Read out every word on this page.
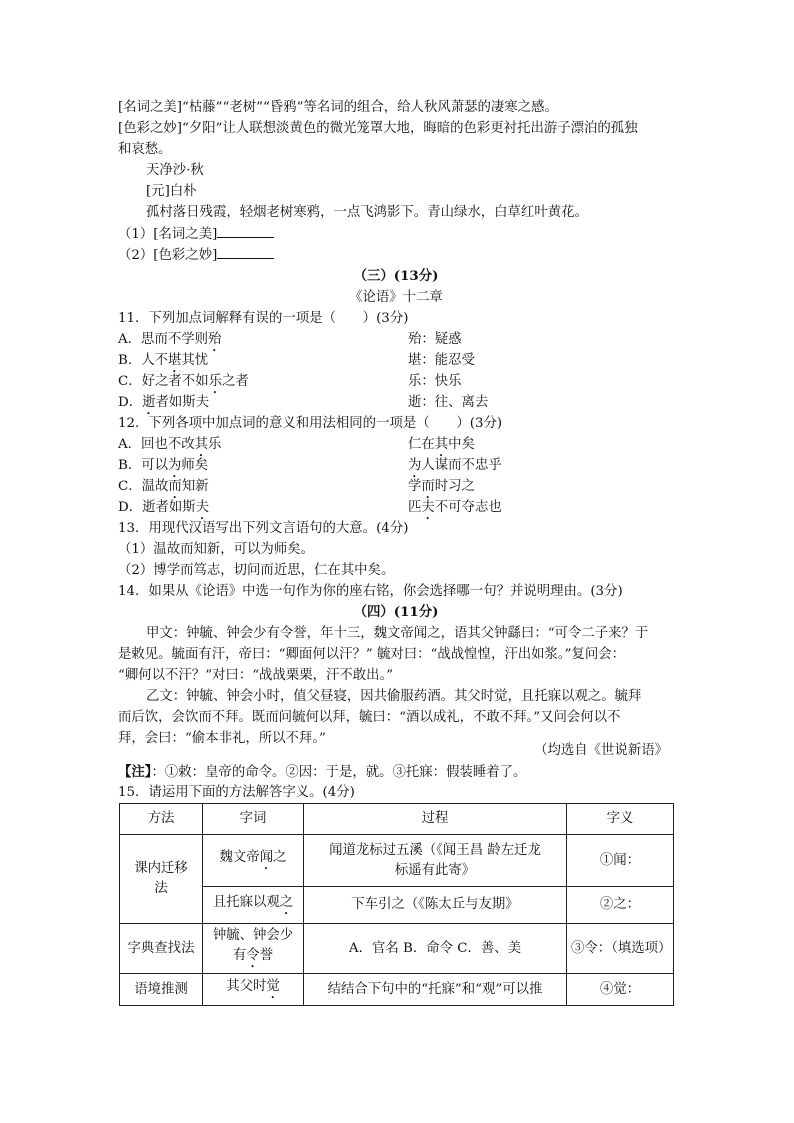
[名词之美]“枯藤”“老树”“昏鸦”等名词的组合，给人秋风萧瑟的凄寒之感。
[色彩之妙]“夕阳”让人联想淡黄色的微光笼罩大地，晦暗的色彩更衬托出游子漂泊的孤独
和哀愁。
天净沙·秋
[元]白朴
孤村落日残霞，轻烟老树寒鸦，一点飞鸿影下。青山绿水，白草红叶黄花。
（1）[名词之美]
（2）[色彩之妙]
（三）(13分)
《论语》十二章
11．下列加点词解释有误的一项是（　　）(3分)
A．思而不学则殆	殆：疑惑
B．人不堪其忧	堪：能忍受
C．好之者不如乐之者	乐：快乐
D．逝者如斯夫	逝：往、离去
12．下列各项中加点词的意义和用法相同的一项是（　　）(3分)
A．回也不改其乐	仁在其中矣
B．可以为师矣	为人谋而不忠乎
C．温故而知新	学而时习之
D．逝者如斯夫	匹夫不可夺志也
13．用现代汉语写出下列文言语句的大意。(4分)
（1）温故而知新，可以为师矣。
（2）博学而笃志，切问而近思，仁在其中矣。
14．如果从《论语》中选一句作为你的座右铭，你会选择哪一句？并说明理由。(3分)
（四）(11分)
甲文：钟毓、钟会少有令誉，年十三，魏文帝闻之，语其父钟繇曰：“可令二子来？于
是敕见。毓面有汗，帝曰：“卿面何以汗？” 毓对曰：“战战惶惶，汗出如浆。”复问会：
“卿何以不汗？”对曰：“战战栗栗，汗不敢出。”
乙文：钟毓、钟会小时，值父昼寝，因共偷服药酒。其父时觉，且托寐以观之。毓拜
而后饮，会饮而不拜。既而问毓何以拜，毓曰：“酒以成礼，不敢不拜。”又问会何以不
拜，会曰：“偷本非礼，所以不拜。”
（均选自《世说新语》
【注】：①敕：皇帝的命令。②因：于是，就。③托寐：假装睡着了。
15．请运用下面的方法解答字义。(4分)
方法	字词	过程	字义
课内迁移法	魏文帝闻之	闻道龙标过五溪（《闻王昌 龄左迁龙标遥有此寄》	①闻：
	且托寐以观之	下车引之（《陈太丘与友期》	②之：
字典查找法	钟毓、钟会少有令誉	A．官名 B．命令 C．善、美	③令：（填选项）
语境推测	其父时觉	结结合下句中的“托寐”和“观”可以推	④觉：
